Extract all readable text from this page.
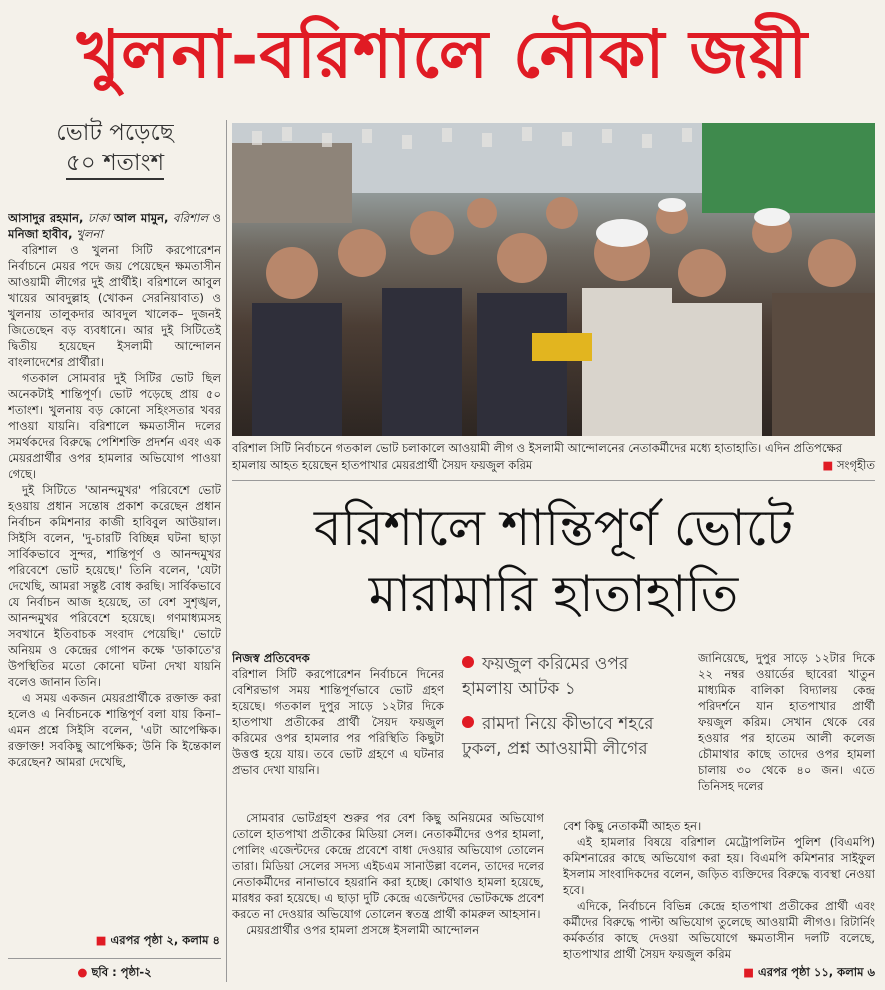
খুলনা-বরিশালে নৌকা জয়ী
ভোট পড়েছে
৫০ শতাংশ

আসাদুর রহমান, ঢাকা আল মামুন, বরিশাল ও মনিজা হাবীব, খুলনা

বরিশাল ও খুলনা সিটি করপোরেশন নির্বাচনে মেয়র পদে জয় পেয়েছেন ক্ষমতাসীন আওয়ামী লীগের দুই প্রার্থীই। বরিশালে আবুল খায়ের আবদুল্লাহ (খোকন সেরনিয়াবাত) ও খুলনায় তালুকদার আবদুল খালেক– দুজনই জিতেছেন বড় ব্যবধানে। আর দুই সিটিতেই দ্বিতীয় হয়েছেন ইসলামী আন্দোলন বাংলাদেশের প্রার্থীরা।

গতকাল সোমবার দুই সিটির ভোট ছিল অনেকটাই শান্তিপূর্ণ। ভোট পড়েছে প্রায় ৫০ শতাংশ। খুলনায় বড় কোনো সহিংসতার খবর পাওয়া যায়নি। বরিশালে ক্ষমতাসীন দলের সমর্থকদের বিরুদ্ধে পেশিশক্তি প্রদর্শন এবং এক মেয়রপ্রার্থীর ওপর হামলার অভিযোগ পাওয়া গেছে।

দুই সিটিতে 'আনন্দমুখর' পরিবেশে ভোট হওয়ায় প্রধান সন্তোষ প্রকাশ করেছেন প্রধান নির্বাচন কমিশনার কাজী হাবিবুল আউয়াল। সিইসি বলেন, 'দু-চারটি বিচ্ছিন্ন ঘটনা ছাড়া সার্বিকভাবে সুন্দর, শান্তিপূর্ণ ও আনন্দমুখর পরিবেশে ভোট হয়েছে।' তিনি বলেন, 'যেটা দেখেছি, আমরা সন্তুষ্ট বোধ করছি। সার্বিকভাবে যে নির্বাচন আজ হয়েছে, তা বেশ সুশৃঙ্খল, আনন্দমুখর পরিবেশে হয়েছে। গণমাধ্যমসহ সবখানে ইতিবাচক সংবাদ পেয়েছি।' ভোটে অনিয়ম ও কেন্দ্রের গোপন কক্ষে 'ডাকাতে'র উপস্থিতির মতো কোনো ঘটনা দেখা যায়নি বলেও জানান তিনি।

এ সময় একজন মেয়রপ্রার্থীকে রক্তাক্ত করা হলেও এ নির্বাচনকে শান্তিপূর্ণ বলা যায় কিনা– এমন প্রশ্নে সিইসি বলেন, 'এটা আপেক্ষিক। রক্তাক্ত! সবকিছু আপেক্ষিক; উনি কি ইন্তেকাল করেছেন? আমরা দেখেছি,

■ এরপর পৃষ্ঠা ২, কলাম ৪
● ছবি : পৃষ্ঠা-২
বরিশাল সিটি নির্বাচনে গতকাল ভোট চলাকালে আওয়ামী লীগ ও ইসলামী আন্দোলনের নেতাকর্মীদের মধ্যে হাতাহাতি। এদিন প্রতিপক্ষের হামলায় আহত হয়েছেন হাতপাখার মেয়রপ্রার্থী সৈয়দ ফয়জুল করিম	■ সংগৃহীত
বরিশালে শান্তিপূর্ণ ভোটে
মারামারি হাতাহাতি

নিজস্ব প্রতিবেদক

বরিশাল সিটি করপোরেশন নির্বাচনে দিনের বেশিরভাগ সময় শান্তিপূর্ণভাবে ভোট গ্রহণ হয়েছে। গতকাল দুপুর সাড়ে ১২টার দিকে হাতপাখা প্রতীকের প্রার্থী সৈয়দ ফয়জুল করিমের ওপর হামলার পর পরিস্থিতি কিছুটা উত্তপ্ত হয়ে যায়। তবে ভোট গ্রহণে এ ঘটনার প্রভাব দেখা যায়নি।

ফয়জুল করিমের ওপর হামলায় আটক ১
রামদা নিয়ে কীভাবে শহরে ঢুকল, প্রশ্ন আওয়ামী লীগের

জানিয়েছে, দুপুর সাড়ে ১২টার দিকে ২২ নম্বর ওয়ার্ডের ছাবেরা খাতুন মাধ্যমিক বালিকা বিদ্যালয় কেন্দ্র পরিদর্শনে যান হাতপাখার প্রার্থী ফয়জুল করিম। সেখান থেকে বের হওয়ার পর হাতেম আলী কলেজ চৌমাথার কাছে তাদের ওপর হামলা চালায় ৩০ থেকে ৪০ জন। এতে তিনিসহ দলের

সোমবার ভোটগ্রহণ শুরুর পর বেশ কিছু অনিয়মের অভিযোগ তোলে হাতপাখা প্রতীকের মিডিয়া সেল। নেতাকর্মীদের ওপর হামলা, পোলিং এজেন্টদের কেন্দ্রে প্রবেশে বাধা দেওয়ার অভিযোগ তোলেন তারা। মিডিয়া সেলের সদস্য এইচএম সানাউল্লা বলেন, তাদের দলের নেতাকর্মীদের নানাভাবে হয়রানি করা হচ্ছে। কোথাও হামলা হয়েছে, মারধর করা হয়েছে। এ ছাড়া দুটি কেন্দ্রে এজেন্টদের ভোটকক্ষে প্রবেশ করতে না দেওয়ার অভিযোগ তোলেন স্বতন্ত্র প্রার্থী কামরুল আহসান।

মেয়রপ্রার্থীর ওপর হামলা প্রসঙ্গে ইসলামী আন্দোলন

বেশ কিছু নেতাকর্মী আহত হন।

এই হামলার বিষয়ে বরিশাল মেট্রোপলিটন পুলিশ (বিএমপি) কমিশনারের কাছে অভিযোগ করা হয়। বিএমপি কমিশনার সাইফুল ইসলাম সাংবাদিকদের বলেন, জড়িত ব্যক্তিদের বিরুদ্ধে ব্যবস্থা নেওয়া হবে।

এদিকে, নির্বাচনে বিভিন্ন কেন্দ্রে হাতপাখা প্রতীকের প্রার্থী এবং কর্মীদের বিরুদ্ধে পাল্টা অভিযোগ তুলেছে আওয়ামী লীগও। রিটার্নিং কর্মকর্তার কাছে দেওয়া অভিযোগে ক্ষমতাসীন দলটি বলেছে, হাতপাখার প্রার্থী সৈয়দ ফয়জুল করিম

■ এরপর পৃষ্ঠা ১১, কলাম ৬
